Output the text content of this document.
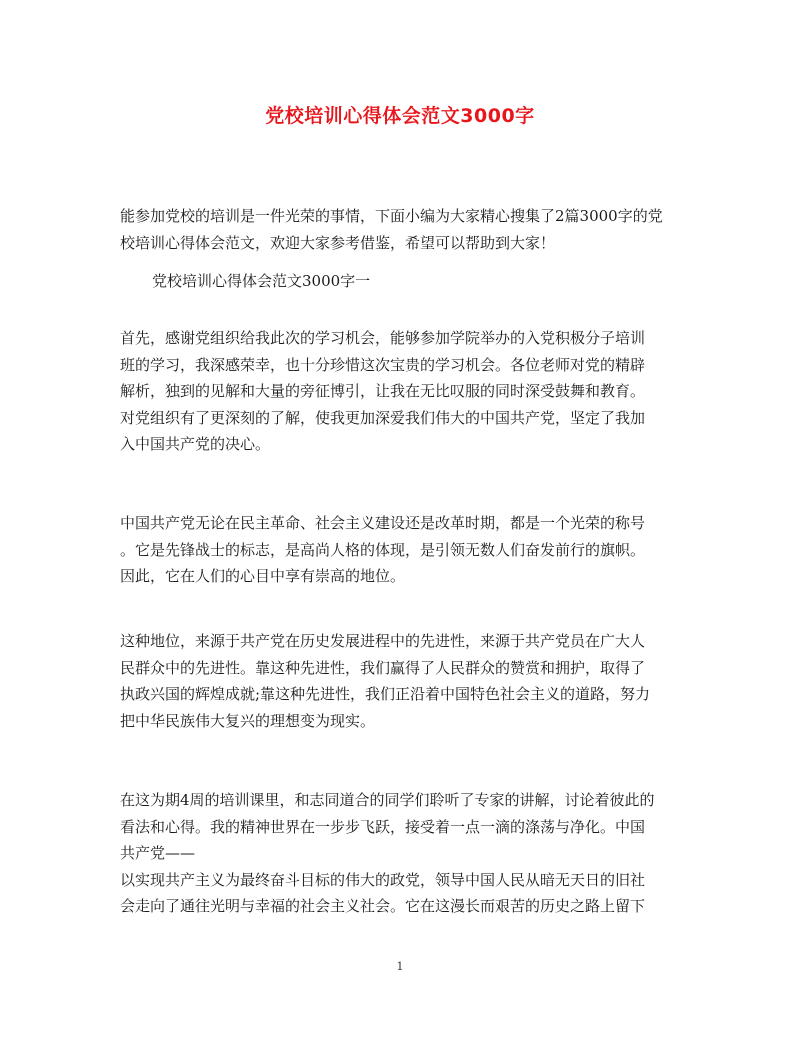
党校培训心得体会范文3000字
能参加党校的培训是一件光荣的事情，下面小编为大家精心搜集了2篇3000字的党
校培训心得体会范文，欢迎大家参考借鉴，希望可以帮助到大家！
党校培训心得体会范文3000字一
首先，感谢党组织给我此次的学习机会，能够参加学院举办的入党积极分子培训
班的学习，我深感荣幸，也十分珍惜这次宝贵的学习机会。各位老师对党的精辟
解析，独到的见解和大量的旁征博引，让我在无比叹服的同时深受鼓舞和教育。
对党组织有了更深刻的了解，使我更加深爱我们伟大的中国共产党，坚定了我加
入中国共产党的决心。
中国共产党无论在民主革命、社会主义建设还是改革时期，都是一个光荣的称号
。它是先锋战士的标志，是高尚人格的体现，是引领无数人们奋发前行的旗帜。
因此，它在人们的心目中享有崇高的地位。
这种地位，来源于共产党在历史发展进程中的先进性，来源于共产党员在广大人
民群众中的先进性。靠这种先进性，我们赢得了人民群众的赞赏和拥护，取得了
执政兴国的辉煌成就;靠这种先进性，我们正沿着中国特色社会主义的道路，努力
把中华民族伟大复兴的理想变为现实。
在这为期4周的培训课里，和志同道合的同学们聆听了专家的讲解，讨论着彼此的
看法和心得。我的精神世界在一步步飞跃，接受着一点一滴的涤荡与净化。中国
共产党——
以实现共产主义为最终奋斗目标的伟大的政党，领导中国人民从暗无天日的旧社
会走向了通往光明与幸福的社会主义社会。它在这漫长而艰苦的历史之路上留下
1
